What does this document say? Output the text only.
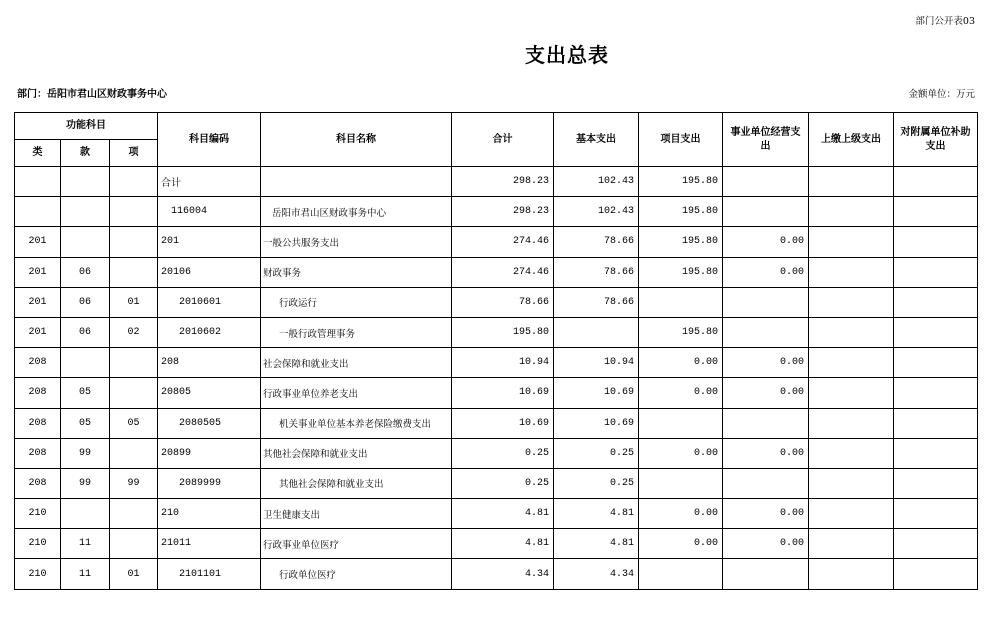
部门公开表03
支出总表
部门：岳阳市君山区财政事务中心	金额单位：万元
功能科目			科目编码	科目名称	合计	基本支出	项目支出	事业单位经营支出	上缴上级支出	对附属单位补助支出
类	款	项								
			合计		298.23	102.43	195.80			
			116004	岳阳市君山区财政事务中心	298.23	102.43	195.80			
201			201	一般公共服务支出	274.46	78.66	195.80	0.00		
201	06		20106	财政事务	274.46	78.66	195.80	0.00		
201	06	01	2010601	行政运行	78.66	78.66				
201	06	02	2010602	一般行政管理事务	195.80		195.80			
208			208	社会保障和就业支出	10.94	10.94	0.00	0.00		
208	05		20805	行政事业单位养老支出	10.69	10.69	0.00	0.00		
208	05	05	2080505	机关事业单位基本养老保险缴费支出	10.69	10.69				
208	99		20899	其他社会保障和就业支出	0.25	0.25	0.00	0.00		
208	99	99	2089999	其他社会保障和就业支出	0.25	0.25				
210			210	卫生健康支出	4.81	4.81	0.00	0.00		
210	11		21011	行政事业单位医疗	4.81	4.81	0.00	0.00		
210	11	01	2101101	行政单位医疗	4.34	4.34				
